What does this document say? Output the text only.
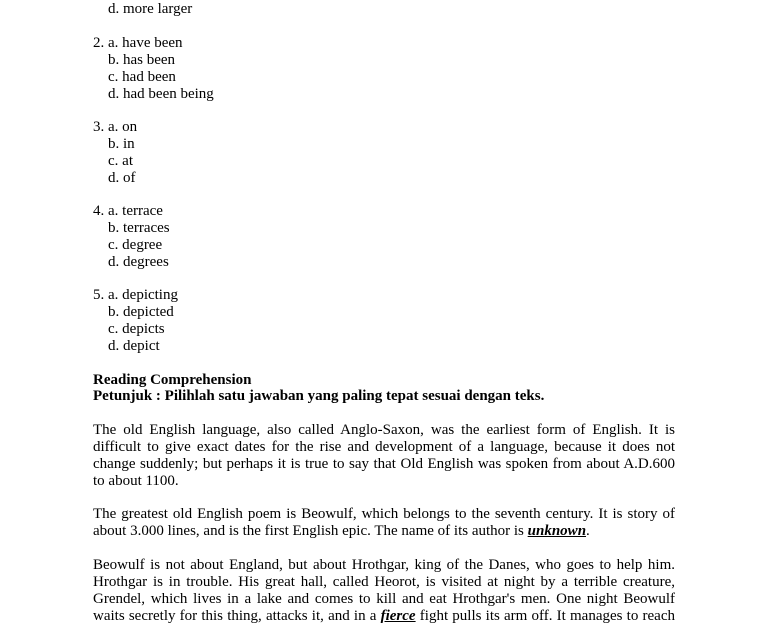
d. more larger
2. a. have been
b. has been
c. had been
d. had been being
3. a. on
b. in
c. at
d. of
4. a. terrace
b. terraces
c. degree
d. degrees
5. a. depicting
b. depicted
c. depicts
d. depict
Reading Comprehension
Petunjuk : Pilihlah satu jawaban yang paling tepat sesuai dengan teks.
The old English language, also called Anglo-Saxon, was the earliest form of English. It is
difficult to give exact dates for the rise and development of a language, because it does not
change suddenly; but perhaps it is true to say that Old English was spoken from about A.D.600
to about 1100.
The greatest old English poem is Beowulf, which belongs to the seventh century. It is story of
about 3.000 lines, and is the first English epic. The name of its author is unknown.
Beowulf is not about England, but about Hrothgar, king of the Danes, who goes to help him.
Hrothgar is in trouble. His great hall, called Heorot, is visited at night by a terrible creature,
Grendel, which lives in a lake and comes to kill and eat Hrothgar's men. One night Beowulf
waits secretly for this thing, attacks it, and in a fierce fight pulls its arm off. It manages to reach
